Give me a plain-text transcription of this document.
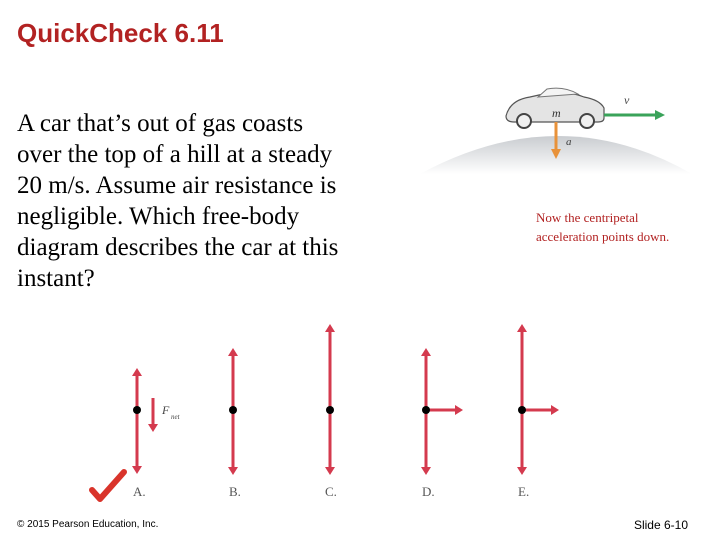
QuickCheck 6.11
A car that’s out of gas coasts
over the top of a hill at a steady
20 m/s. Assume air resistance is
negligible. Which free-body
diagram describes the car at this
instant?
Now the centripetal
acceleration points down.
m
v
a
F net
A.	B.	C.	D.	E.
© 2015 Pearson Education, Inc.	Slide 6-10
